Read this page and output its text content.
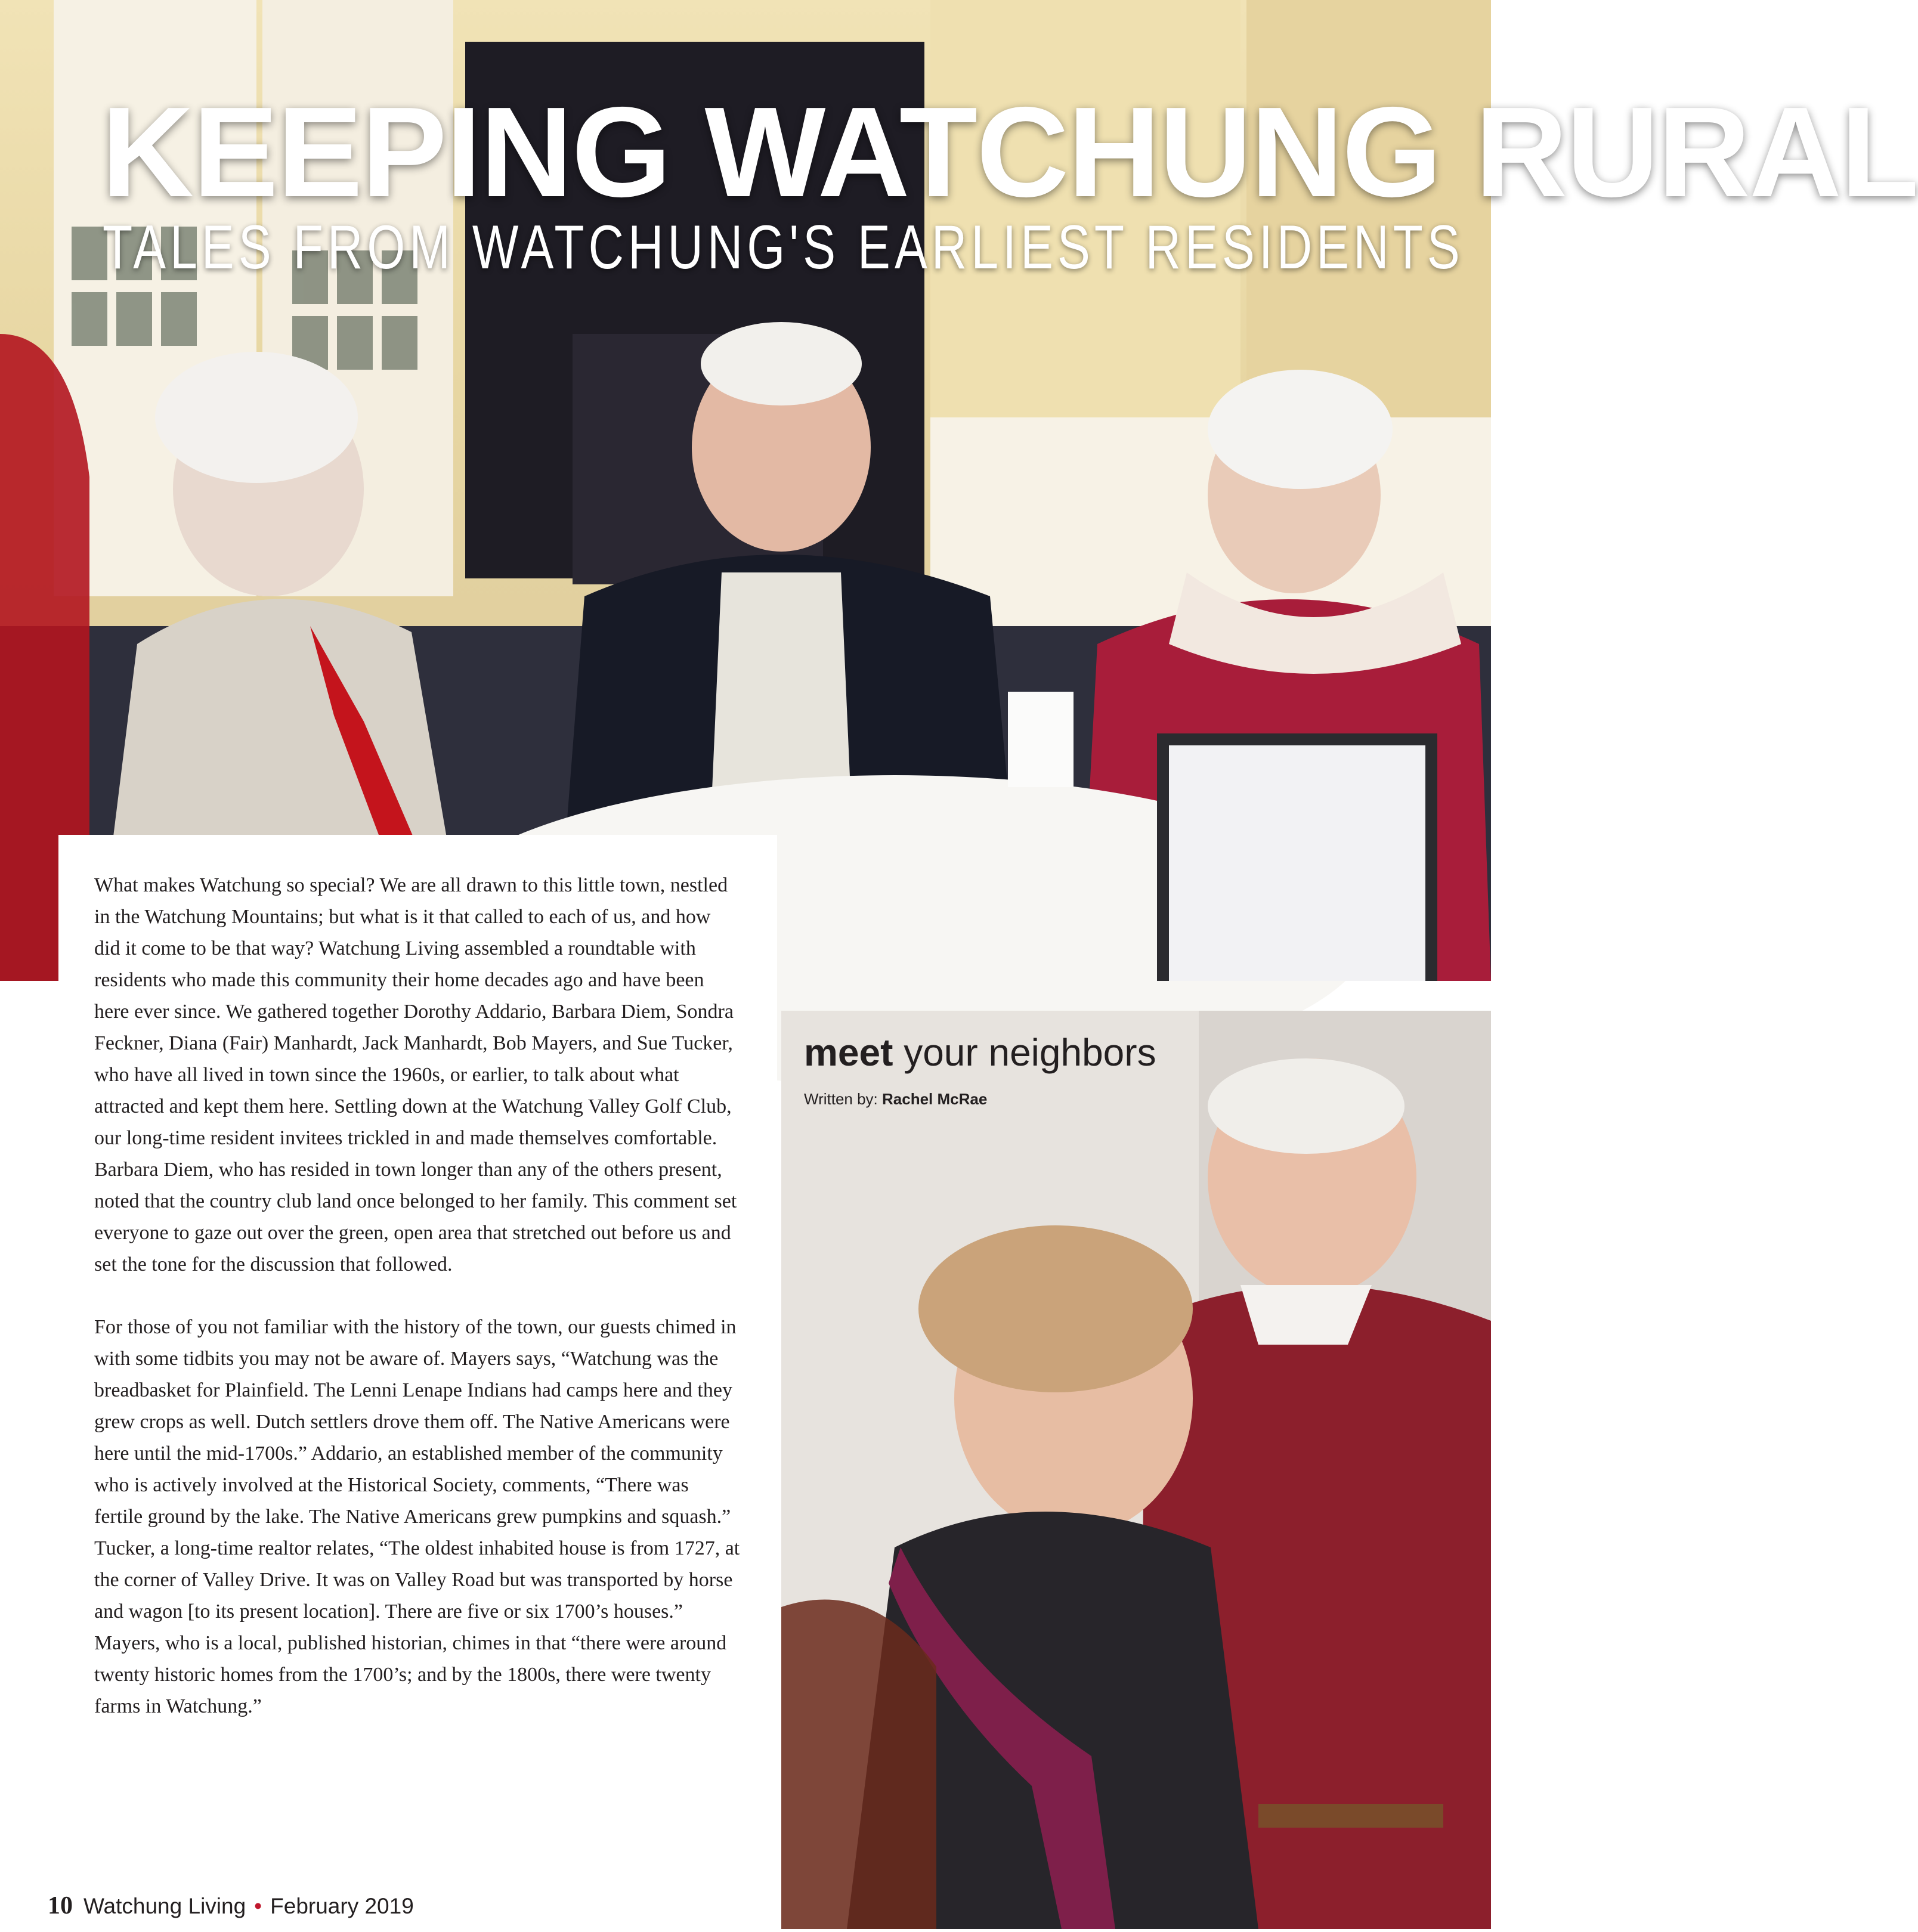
KEEPING WATCHUNG RURAL
TALES FROM WATCHUNG'S EARLIEST RESIDENTS
meet your neighbors
Written by: Rachel McRae

What makes Watchung so special? We are all drawn to this little town, nestled in the Watchung Mountains; but what is it that called to each of us, and how did it come to be that way? Watchung Living assembled a roundtable with residents who made this community their home decades ago and have been here ever since. We gathered together Dorothy Addario, Barbara Diem, Sondra Feckner, Diana (Fair) Manhardt, Jack Manhardt, Bob Mayers, and Sue Tucker, who have all lived in town since the 1960s, or earlier, to talk about what attracted and kept them here. Settling down at the Watchung Valley Golf Club, our long-time resident invitees trickled in and made themselves comfortable. Barbara Diem, who has resided in town longer than any of the others present, noted that the country club land once belonged to her family. This comment set everyone to gaze out over the green, open area that stretched out before us and set the tone for the discussion that followed.

For those of you not familiar with the history of the town, our guests chimed in with some tidbits you may not be aware of. Mayers says, “Watchung was the breadbasket for Plainfield. The Lenni Lenape Indians had camps here and they grew crops as well. Dutch settlers drove them off. The Native Americans were here until the mid-1700s.” Addario, an established member of the community who is actively involved at the Historical Society, comments, “There was fertile ground by the lake. The Native Americans grew pumpkins and squash.” Tucker, a long-time realtor relates, “The oldest inhabited house is from 1727, at the corner of Valley Drive. It was on Valley Road but was transported by horse and wagon [to its present location]. There are five or six 1700’s houses.” Mayers, who is a local, published historian, chimes in that “there were around twenty historic homes from the 1700’s; and by the 1800s, there were twenty farms in Watchung.”

10 Watchung Living • February 2019
